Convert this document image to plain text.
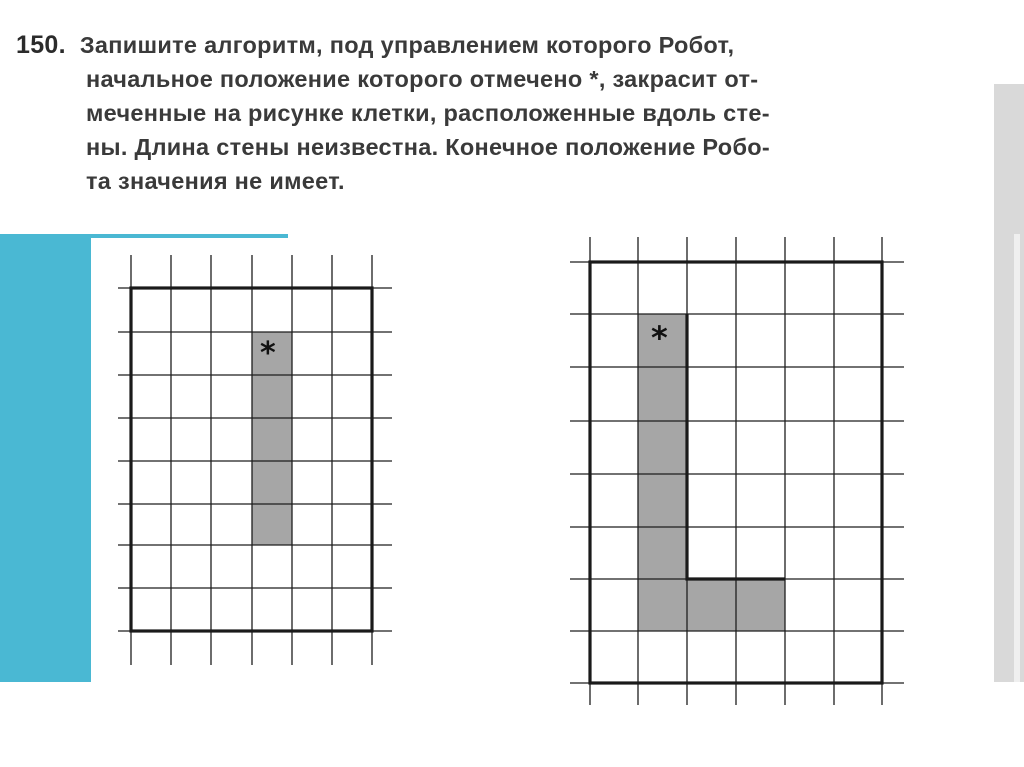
150. Запишите алгоритм, под управлением которого Робот,
начальное положение которого отмечено *, закрасит от-
меченные на рисунке клетки, расположенные вдоль сте-
ны. Длина стены неизвестна. Конечное положение Робо-
та значения не имеет.
*	*
